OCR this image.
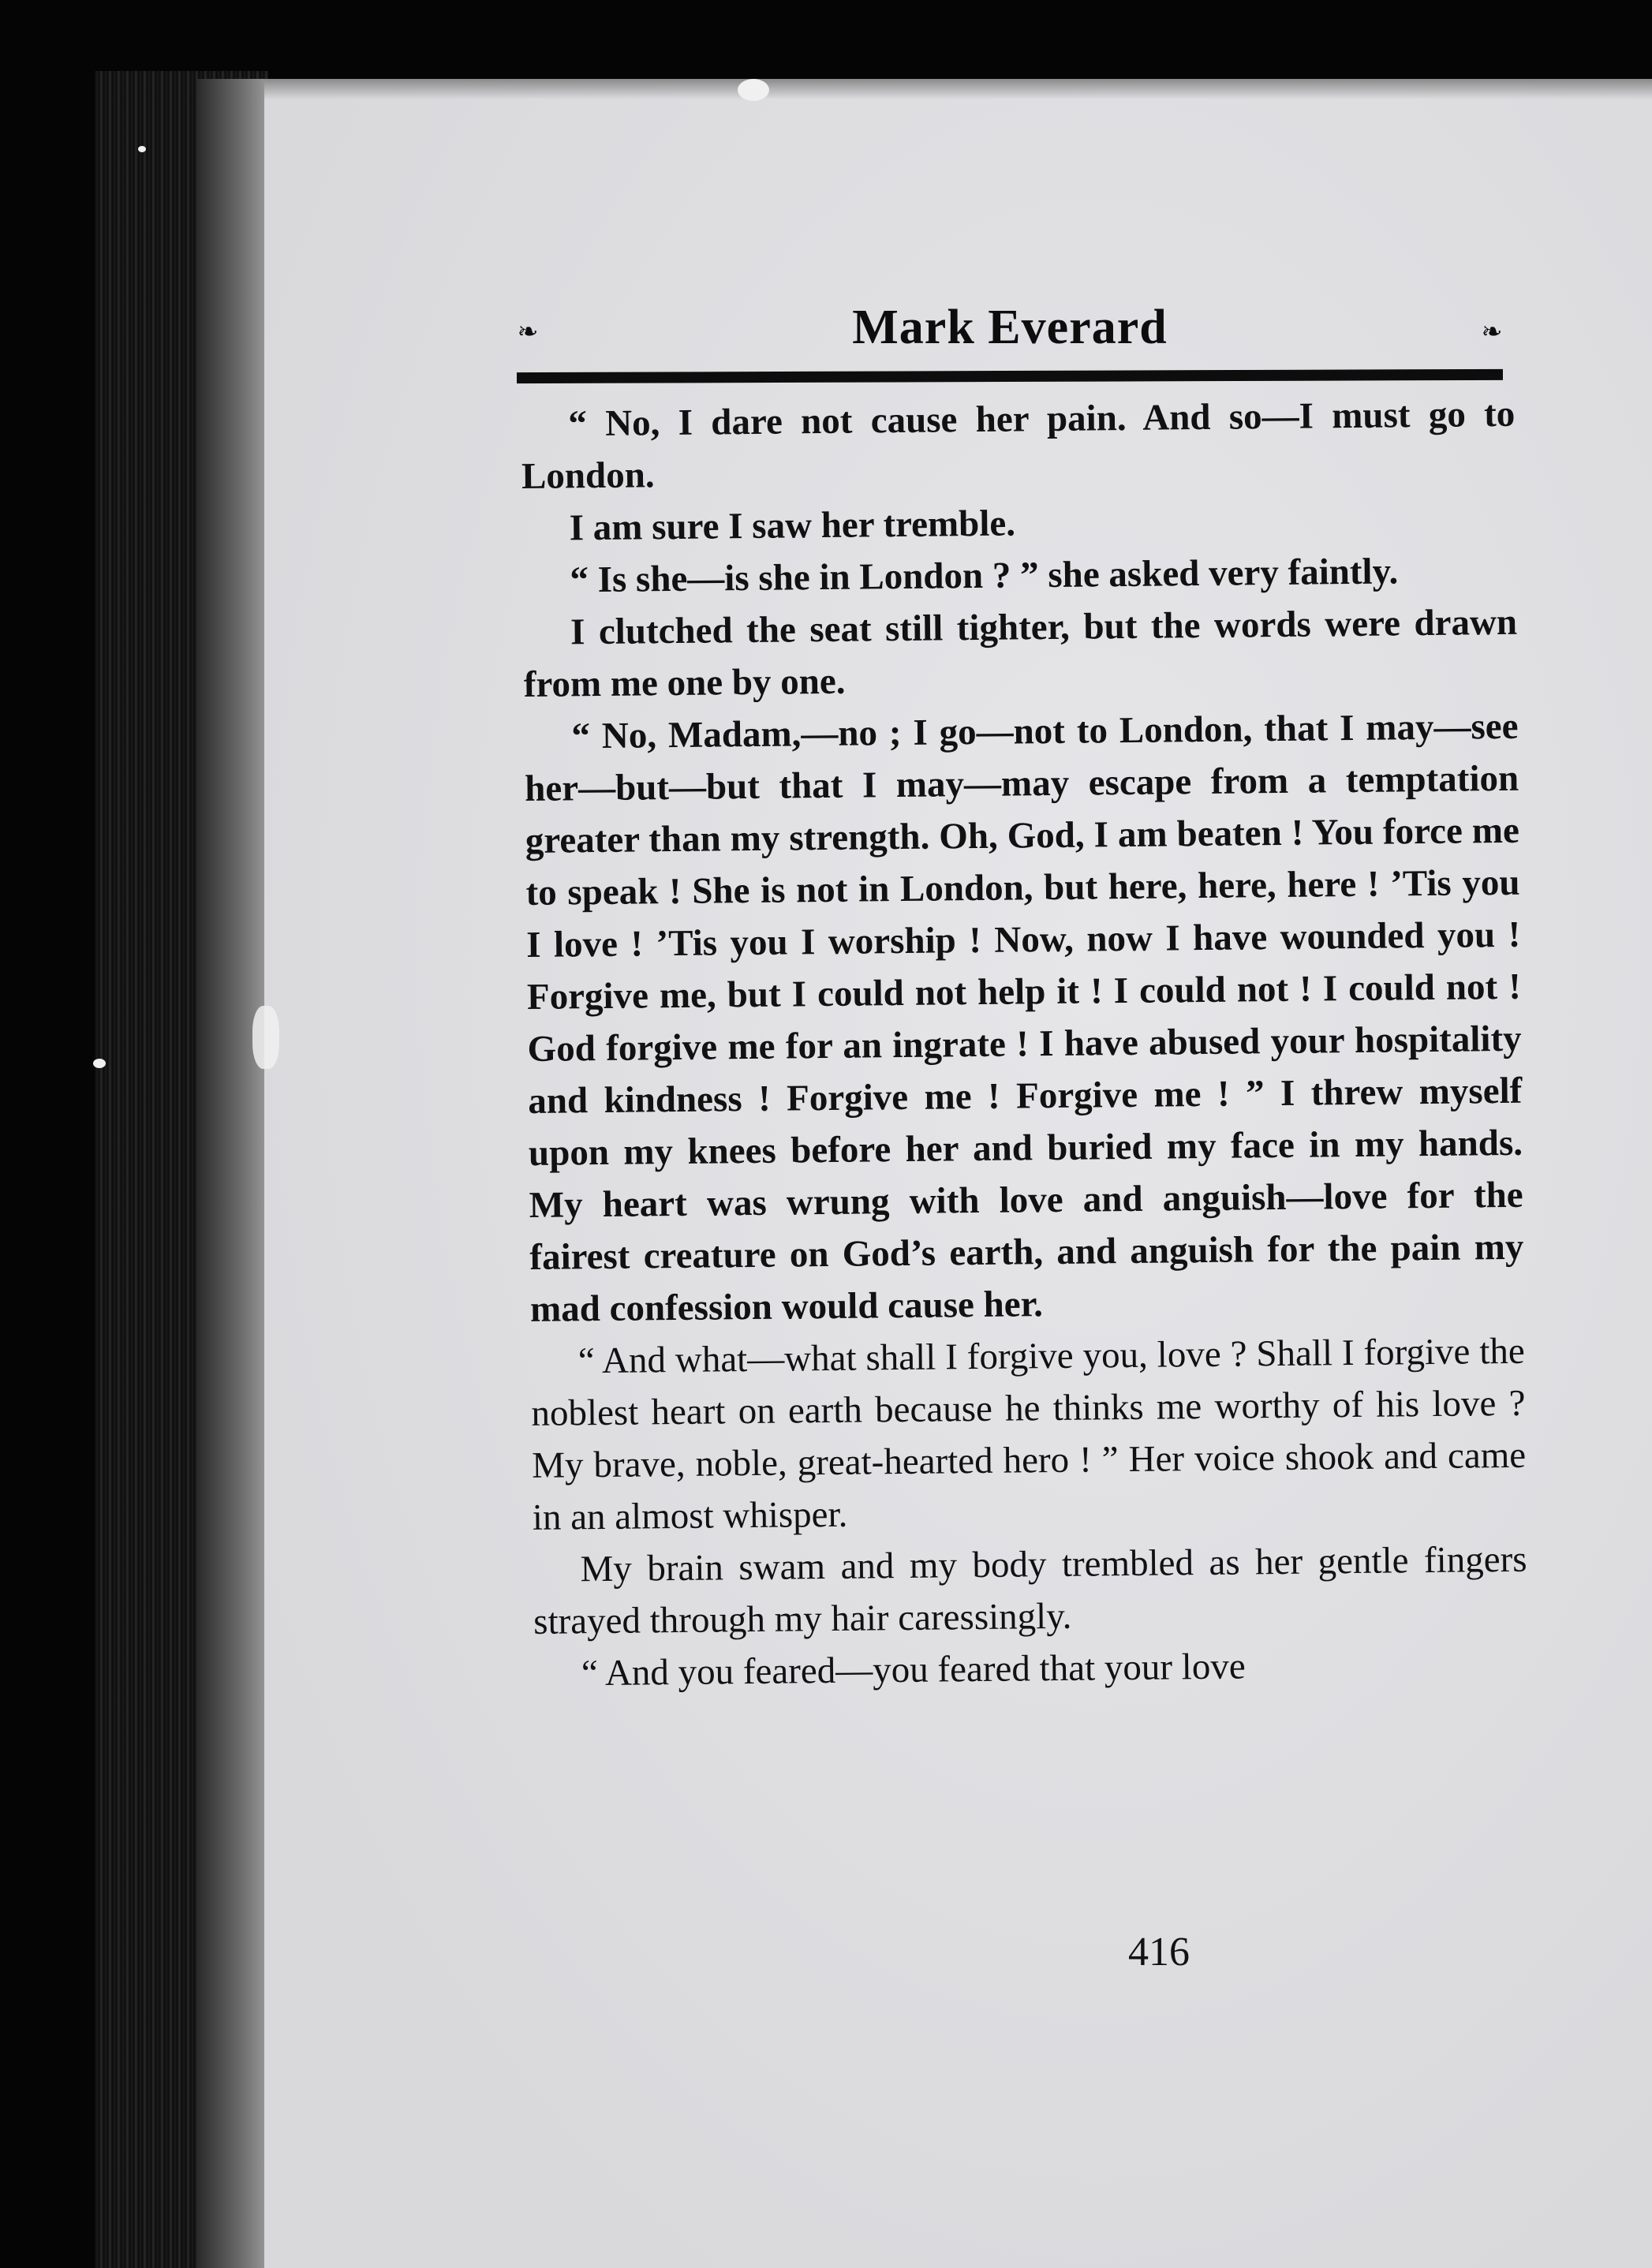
❧	Mark Everard	❧

“ No, I dare not cause her pain. And so—I must go to London.

I am sure I saw her tremble.

“ Is she—is she in London ? ” she asked very faintly.

I clutched the seat still tighter, but the words were drawn from me one by one.

“ No, Madam,—no ; I go—not to London, that I may—see her—but—but that I may—may escape from a temptation greater than my strength. Oh, God, I am beaten ! You force me to speak ! She is not in London, but here, here, here ! ’Tis you I love ! ’Tis you I worship ! Now, now I have wounded you ! Forgive me, but I could not help it ! I could not ! I could not ! God forgive me for an ingrate ! I have abused your hospitality and kindness ! Forgive me ! Forgive me ! ” I threw myself upon my knees before her and buried my face in my hands. My heart was wrung with love and anguish—love for the fairest creature on God’s earth, and anguish for the pain my mad confession would cause her.

“ And what—what shall I forgive you, love ? Shall I forgive the noblest heart on earth because he thinks me worthy of his love ? My brave, noble, great-hearted hero ! ” Her voice shook and came in an almost whisper.

My brain swam and my body trembled as her gentle fingers strayed through my hair caressingly.

“ And you feared—you feared that your love

416
